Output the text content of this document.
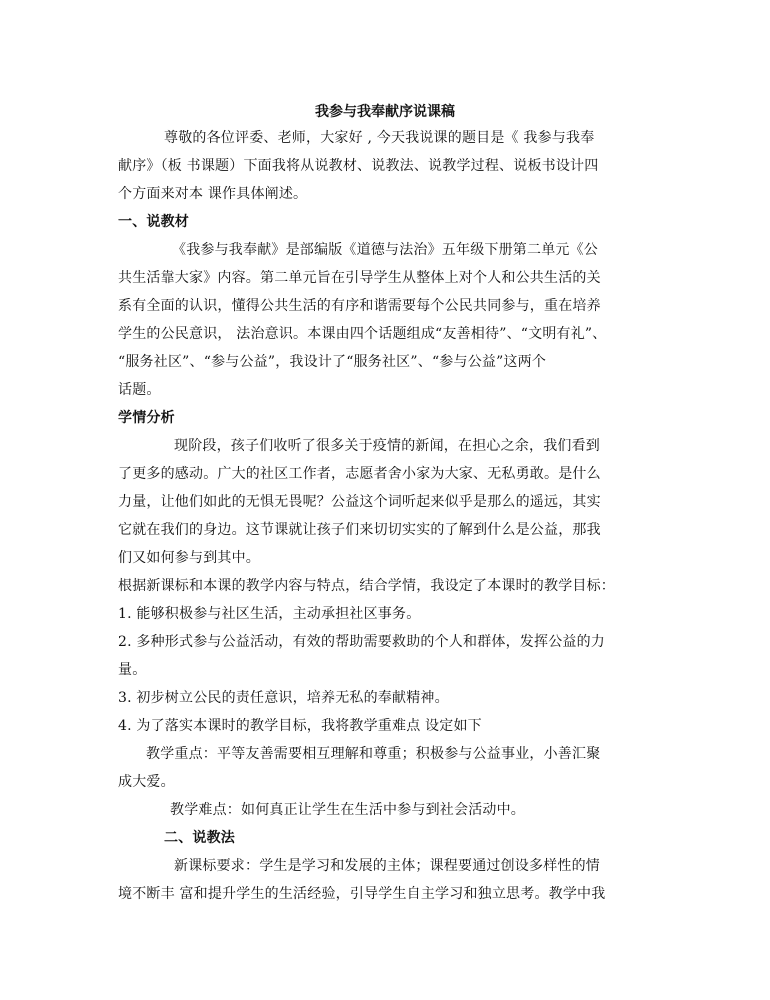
我参与我奉献序说课稿
尊敬的各位评委、老师，大家好 , 今天我说课的题目是《 我参与我奉
献序》（板 书课题）下面我将从说教材、说教法、说教学过程、说板书设计四
个方面来对本 课作具体阐述。
一、说教材
《我参与我奉献》是部编版《道德与法治》五年级下册第二单元《公
共生活靠大家》内容。第二单元旨在引导学生从整体上对个人和公共生活的关
系有全面的认识，懂得公共生活的有序和谐需要每个公民共同参与，重在培养
学生的公民意识， 法治意识。本课由四个话题组成“友善相待”、“文明有礼”、
“服务社区”、“参与公益”，我设计了“服务社区”、“参与公益”这两个
话题。
学情分析
现阶段，孩子们收听了很多关于疫情的新闻，在担心之余，我们看到
了更多的感动。广大的社区工作者，志愿者舍小家为大家、无私勇敢。是什么
力量，让他们如此的无惧无畏呢？公益这个词听起来似乎是那么的遥远，其实
它就在我们的身边。这节课就让孩子们来切切实实的了解到什么是公益，那我
们又如何参与到其中。
根据新课标和本课的教学内容与特点，结合学情，我设定了本课时的教学目标：
1. 能够积极参与社区生活，主动承担社区事务。
2. 多种形式参与公益活动，有效的帮助需要救助的个人和群体，发挥公益的力
量。
3. 初步树立公民的责任意识，培养无私的奉献精神。
4. 为了落实本课时的教学目标，我将教学重难点 设定如下
教学重点：平等友善需要相互理解和尊重；积极参与公益事业，小善汇聚
成大爱。
教学难点：如何真正让学生在生活中参与到社会活动中。
二、说教法
新课标要求：学生是学习和发展的主体；课程要通过创设多样性的情
境不断丰 富和提升学生的生活经验，引导学生自主学习和独立思考。教学中我
